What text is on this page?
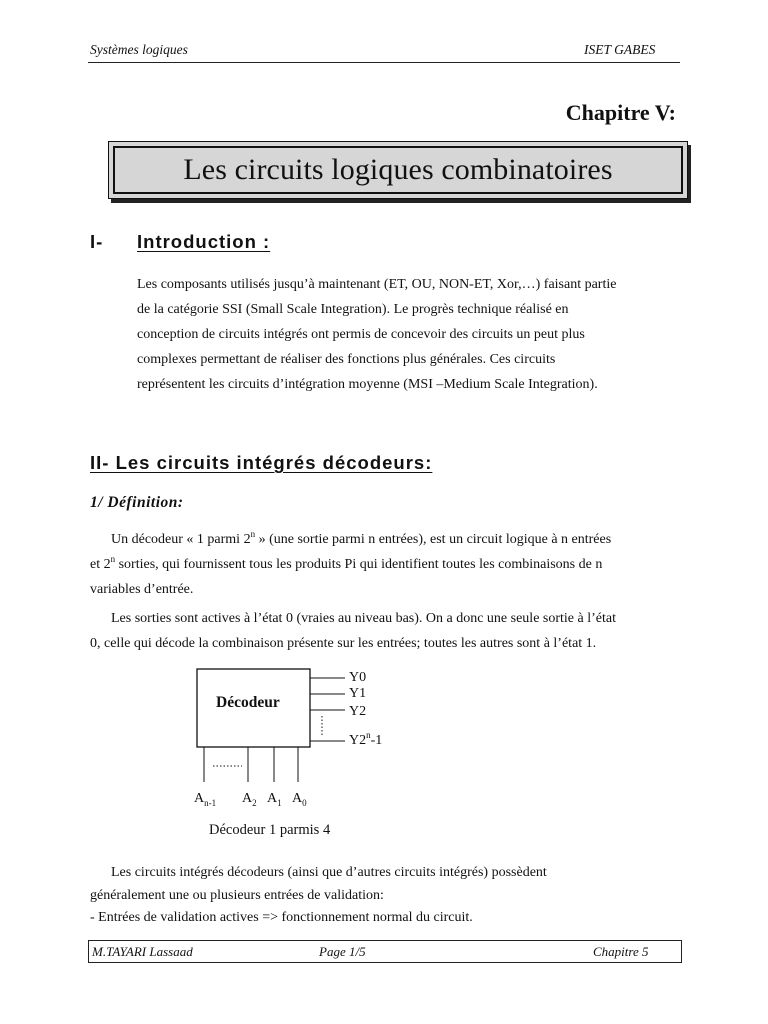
Systèmes logiques	ISET GABES
Chapitre V:
Les circuits logiques combinatoires
I- Introduction :
Les composants utilisés jusqu’à maintenant (ET, OU, NON-ET, Xor,…) faisant partie
de la catégorie SSI (Small Scale Integration). Le progrès technique réalisé en
conception de circuits intégrés ont permis de concevoir des circuits un peut plus
complexes permettant de réaliser des fonctions plus générales. Ces circuits
représentent les circuits d’intégration moyenne (MSI –Medium Scale Integration).
II- Les circuits intégrés décodeurs:
1/ Définition:
Un décodeur « 1 parmi 2$^n$ » (une sortie parmi n entrées), est un circuit logique à n entrées
et 2$^n$ sorties, qui fournissent tous les produits Pi qui identifient toutes les combinaisons de n
variables d’entrée.
Les sorties sont actives à l’état 0 (vraies au niveau bas). On a donc une seule sortie à l’état
0, celle qui décode la combinaison présente sur les entrées; toutes les autres sont à l’état 1.
Décodeur
Y0
Y1
Y2
Y2$^n$-1
$A_{n-1}$ $A_2$ $A_1$ $A_0$
Décodeur 1 parmis 4
Les circuits intégrés décodeurs (ainsi que d’autres circuits intégrés) possèdent
généralement une ou plusieurs entrées de validation:
- Entrées de validation actives => fonctionnement normal du circuit.
M.TAYARI Lassaad	Page 1/5	Chapitre 5
